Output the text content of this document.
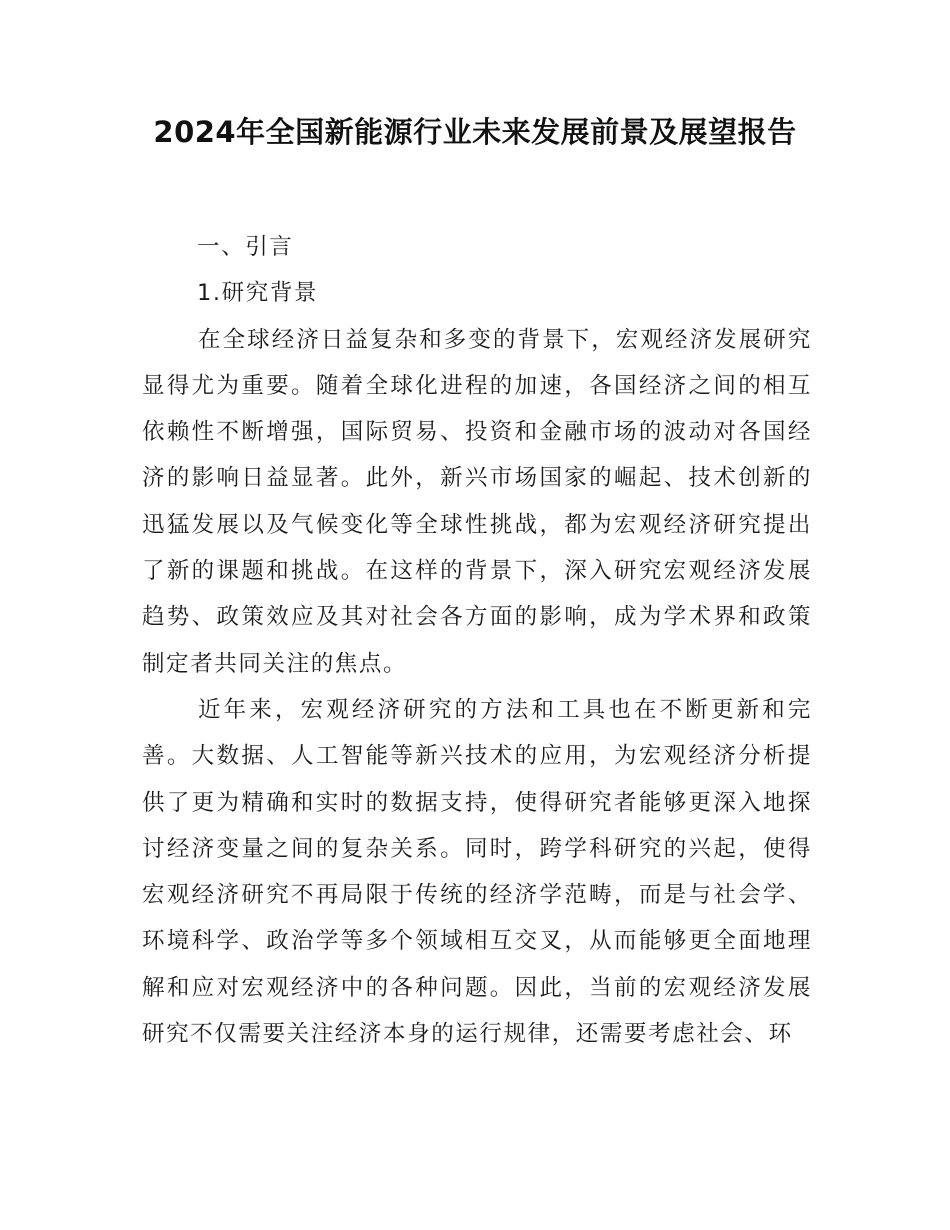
2024年全国新能源行业未来发展前景及展望报告

一、引言

1.研究背景

在全球经济日益复杂和多变的背景下，宏观经济发展研究显得尤为重要。随着全球化进程的加速，各国经济之间的相互依赖性不断增强，国际贸易、投资和金融市场的波动对各国经济的影响日益显著。此外，新兴市场国家的崛起、技术创新的迅猛发展以及气候变化等全球性挑战，都为宏观经济研究提出了新的课题和挑战。在这样的背景下，深入研究宏观经济发展趋势、政策效应及其对社会各方面的影响，成为学术界和政策制定者共同关注的焦点。

近年来，宏观经济研究的方法和工具也在不断更新和完善。大数据、人工智能等新兴技术的应用，为宏观经济分析提供了更为精确和实时的数据支持，使得研究者能够更深入地探讨经济变量之间的复杂关系。同时，跨学科研究的兴起，使得宏观经济研究不再局限于传统的经济学范畴，而是与社会学、环境科学、政治学等多个领域相互交叉，从而能够更全面地理解和应对宏观经济中的各种问题。因此，当前的宏观经济发展研究不仅需要关注经济本身的运行规律，还需要考虑社会、环
